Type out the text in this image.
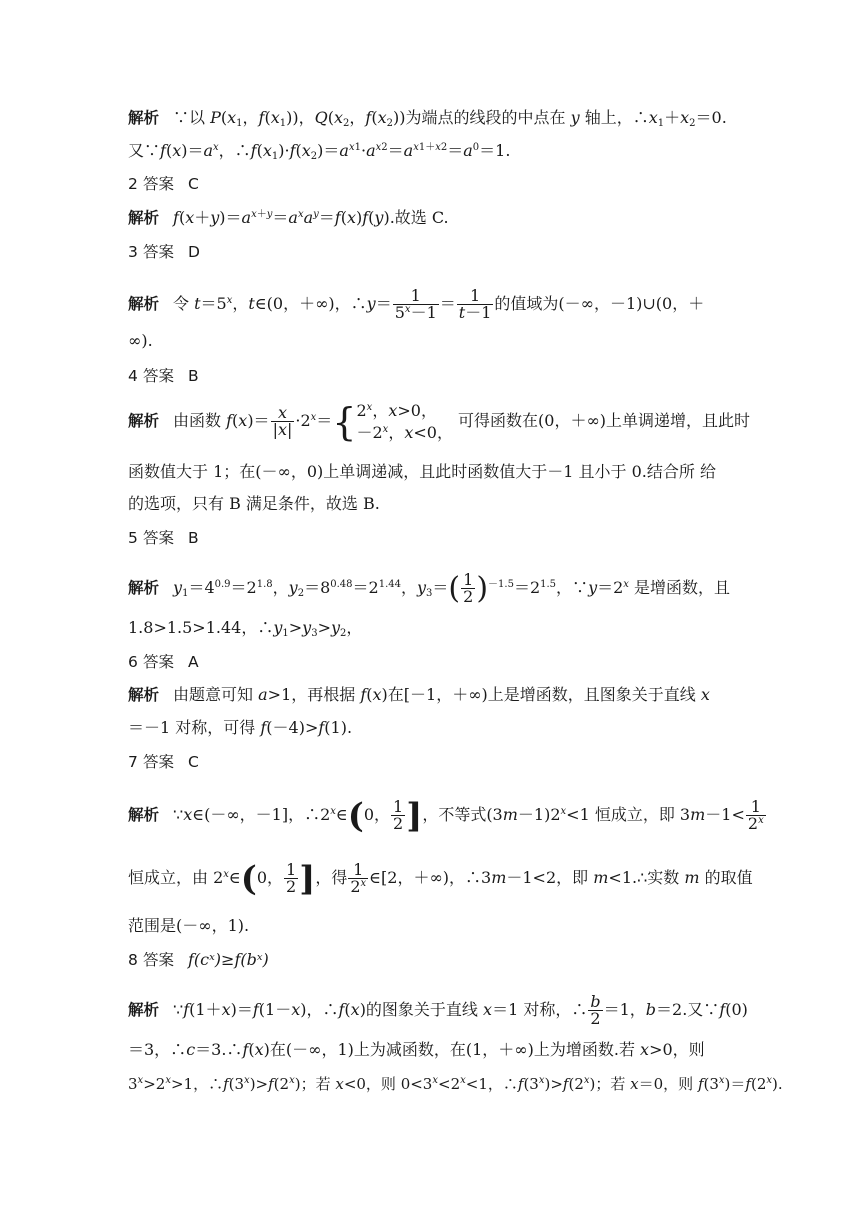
解析 ∵以 $P(x_1$，$f(x_1)$)，$Q(x_2$，$f(x_2)$)为端点的线段的中点在 y 轴上，$\therefore x_1+x_2=0$.
又$\because f(x)=a^x$，$\therefore f(x_1)\cdot f(x_2)=a^{x1}\cdot a^{x2}=a^{x1+x2}=a^0=1$.
2 答案 C
解析 $f(x+y)=a^{x+y}=a^xa^y=f(x)f(y)$.故选 C.
3 答案 D
解析 令 $t=5^x$，t∈(0，＋∞)，∴y＝ $\frac{1}{5^x-1} = \frac{1}{t-1}$ 的值域为(－∞，－1)∪(0，＋
∞).
4 答案 B
解析 由函数 $f(x)= \frac{x}{|x|} \cdot 2^x=${ 2$^x$，x>0，
$-2^x$，x<0，
可得函数在(0，＋∞)上单调递增，且此时
函数值大于 1；在(－∞，0)上单调递减，且此时函数值大于－1 且小于 0.结合所 给
的选项，只有 B 满足条件，故选 B.
5 答案 B
解析 $y_1=4^{0.9}=2^{1.8}$，$y_2=8^{0.48}=2^{1.44}$，$y_3=( \frac{1}{2} )^{-1.5}=2^{1.5}$，$\because y=2^x$ 是增函数，且
1.8>1.5>1.44，$\therefore y_1>y_3>y_2$，
6 答案 A
解析 由题意可知 a>1，再根据 f(x)在[－1，＋∞)上是增函数，且图象关于直线 x
＝－1 对称，可得 f(－4)>f(1).
7 答案 C
解析 ∵x∈(－∞，－1]，∴2$^x$∈(0， $\frac{1}{2}$ ]，不等式$(3m-1)2^x<1$ 恒成立，即 $3m-1< \frac{1}{2^x}$
恒成立，由 2$^x$∈(0， $\frac{1}{2}$ ]，得 $\frac{1}{2^x}$ ∈[2，＋∞)，∴3m－1<2，即 m<1.∴实数 m 的取值
范围是(－∞，1).
8 答案 f(cˣ)≥f(bˣ)
解析 ∵f(1＋x)＝f(1－x)，∴f(x)的图象关于直线 x＝1 对称，∴ $\frac{b}{2} =1$，b＝2.又∵f(0)
＝3，∴c＝3.∴f(x)在(－∞，1)上为减函数，在(1，＋∞)上为增函数.若 x>0，则
$3^x>2^x>1$，$\therefore f(3^x)>f(2^x)$；若 x<0，则 $0<3^x<2^x<1$，$\therefore f(3^x)>f(2^x)$；若 x＝0，则 $f(3^x)=f(2^x)$.
